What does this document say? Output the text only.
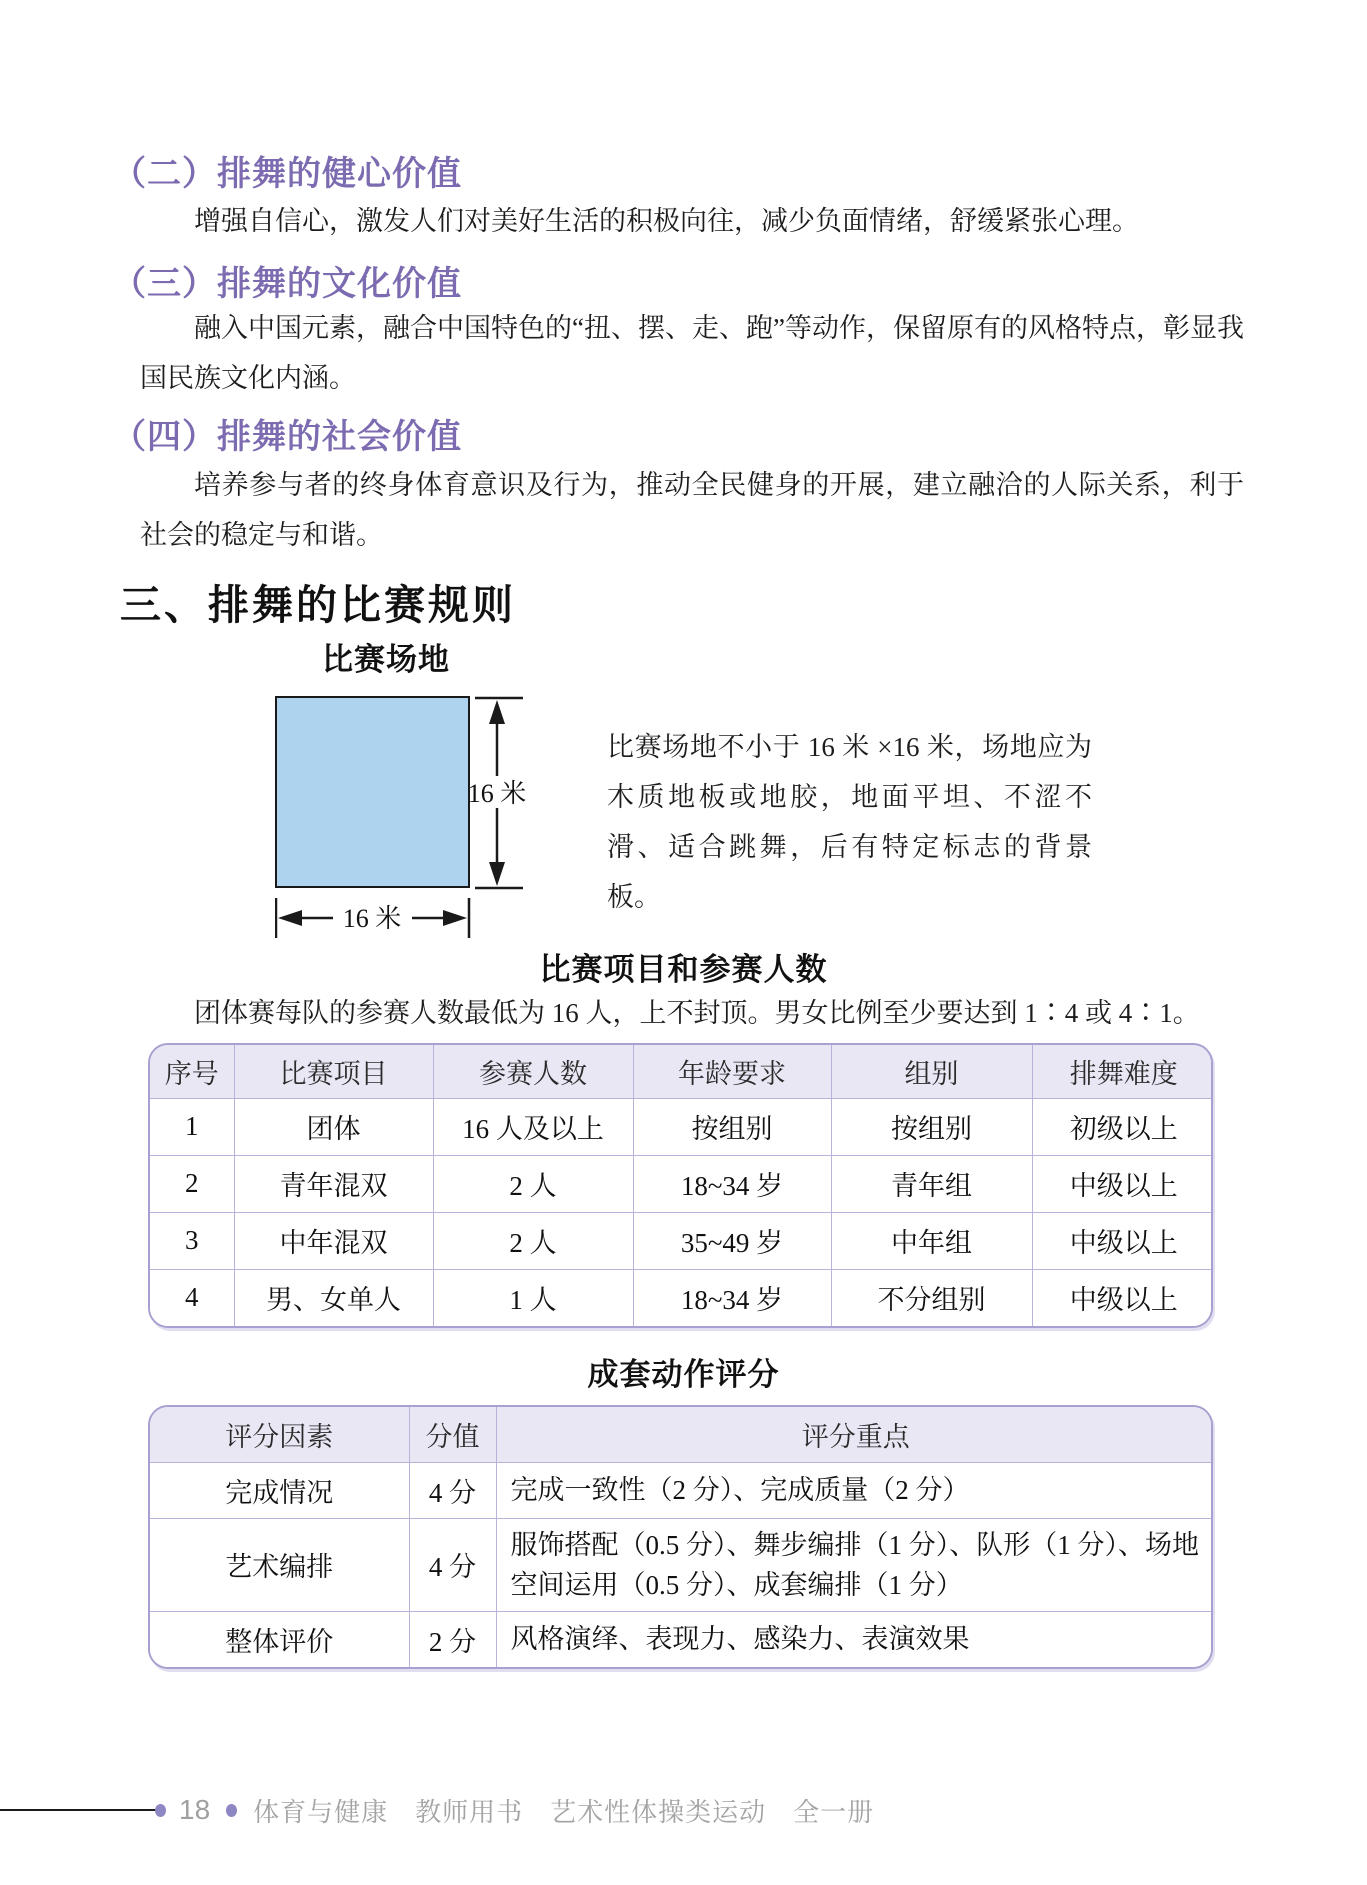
（二）排舞的健心价值
增强自信心，激发人们对美好生活的积极向往，减少负面情绪，舒缓紧张心理。
（三）排舞的文化价值
融入中国元素，融合中国特色的“扭、摆、走、跑”等动作，保留原有的风格特点，彰显我国民族文化内涵。
（四）排舞的社会价值
培养参与者的终身体育意识及行为，推动全民健身的开展，建立融洽的人际关系，利于社会的稳定与和谐。
三、排舞的比赛规则
比赛场地
16 米
16 米
比赛场地不小于 16 米 ×16 米，场地应为木质地板或地胶，地面平坦、不涩不滑、适合跳舞，后有特定标志的背景板。
比赛项目和参赛人数
团体赛每队的参赛人数最低为 16 人，上不封顶。男女比例至少要达到 1∶4 或 4∶1。
序号	比赛项目	参赛人数	年龄要求	组别	排舞难度
1	团体	16 人及以上	按组别	按组别	初级以上
2	青年混双	2 人	18~34 岁	青年组	中级以上
3	中年混双	2 人	35~49 岁	中年组	中级以上
4	男、女单人	1 人	18~34 岁	不分组别	中级以上
成套动作评分
评分因素	分值	评分重点
完成情况	4 分	完成一致性（2 分）、完成质量（2 分）
艺术编排	4 分	服饰搭配（0.5 分）、舞步编排（1 分）、队形（1 分）、场地空间运用（0.5 分）、成套编排（1 分）
整体评价	2 分	风格演绎、表现力、感染力、表演效果
18 体育与健康　教师用书　艺术性体操类运动　全一册
